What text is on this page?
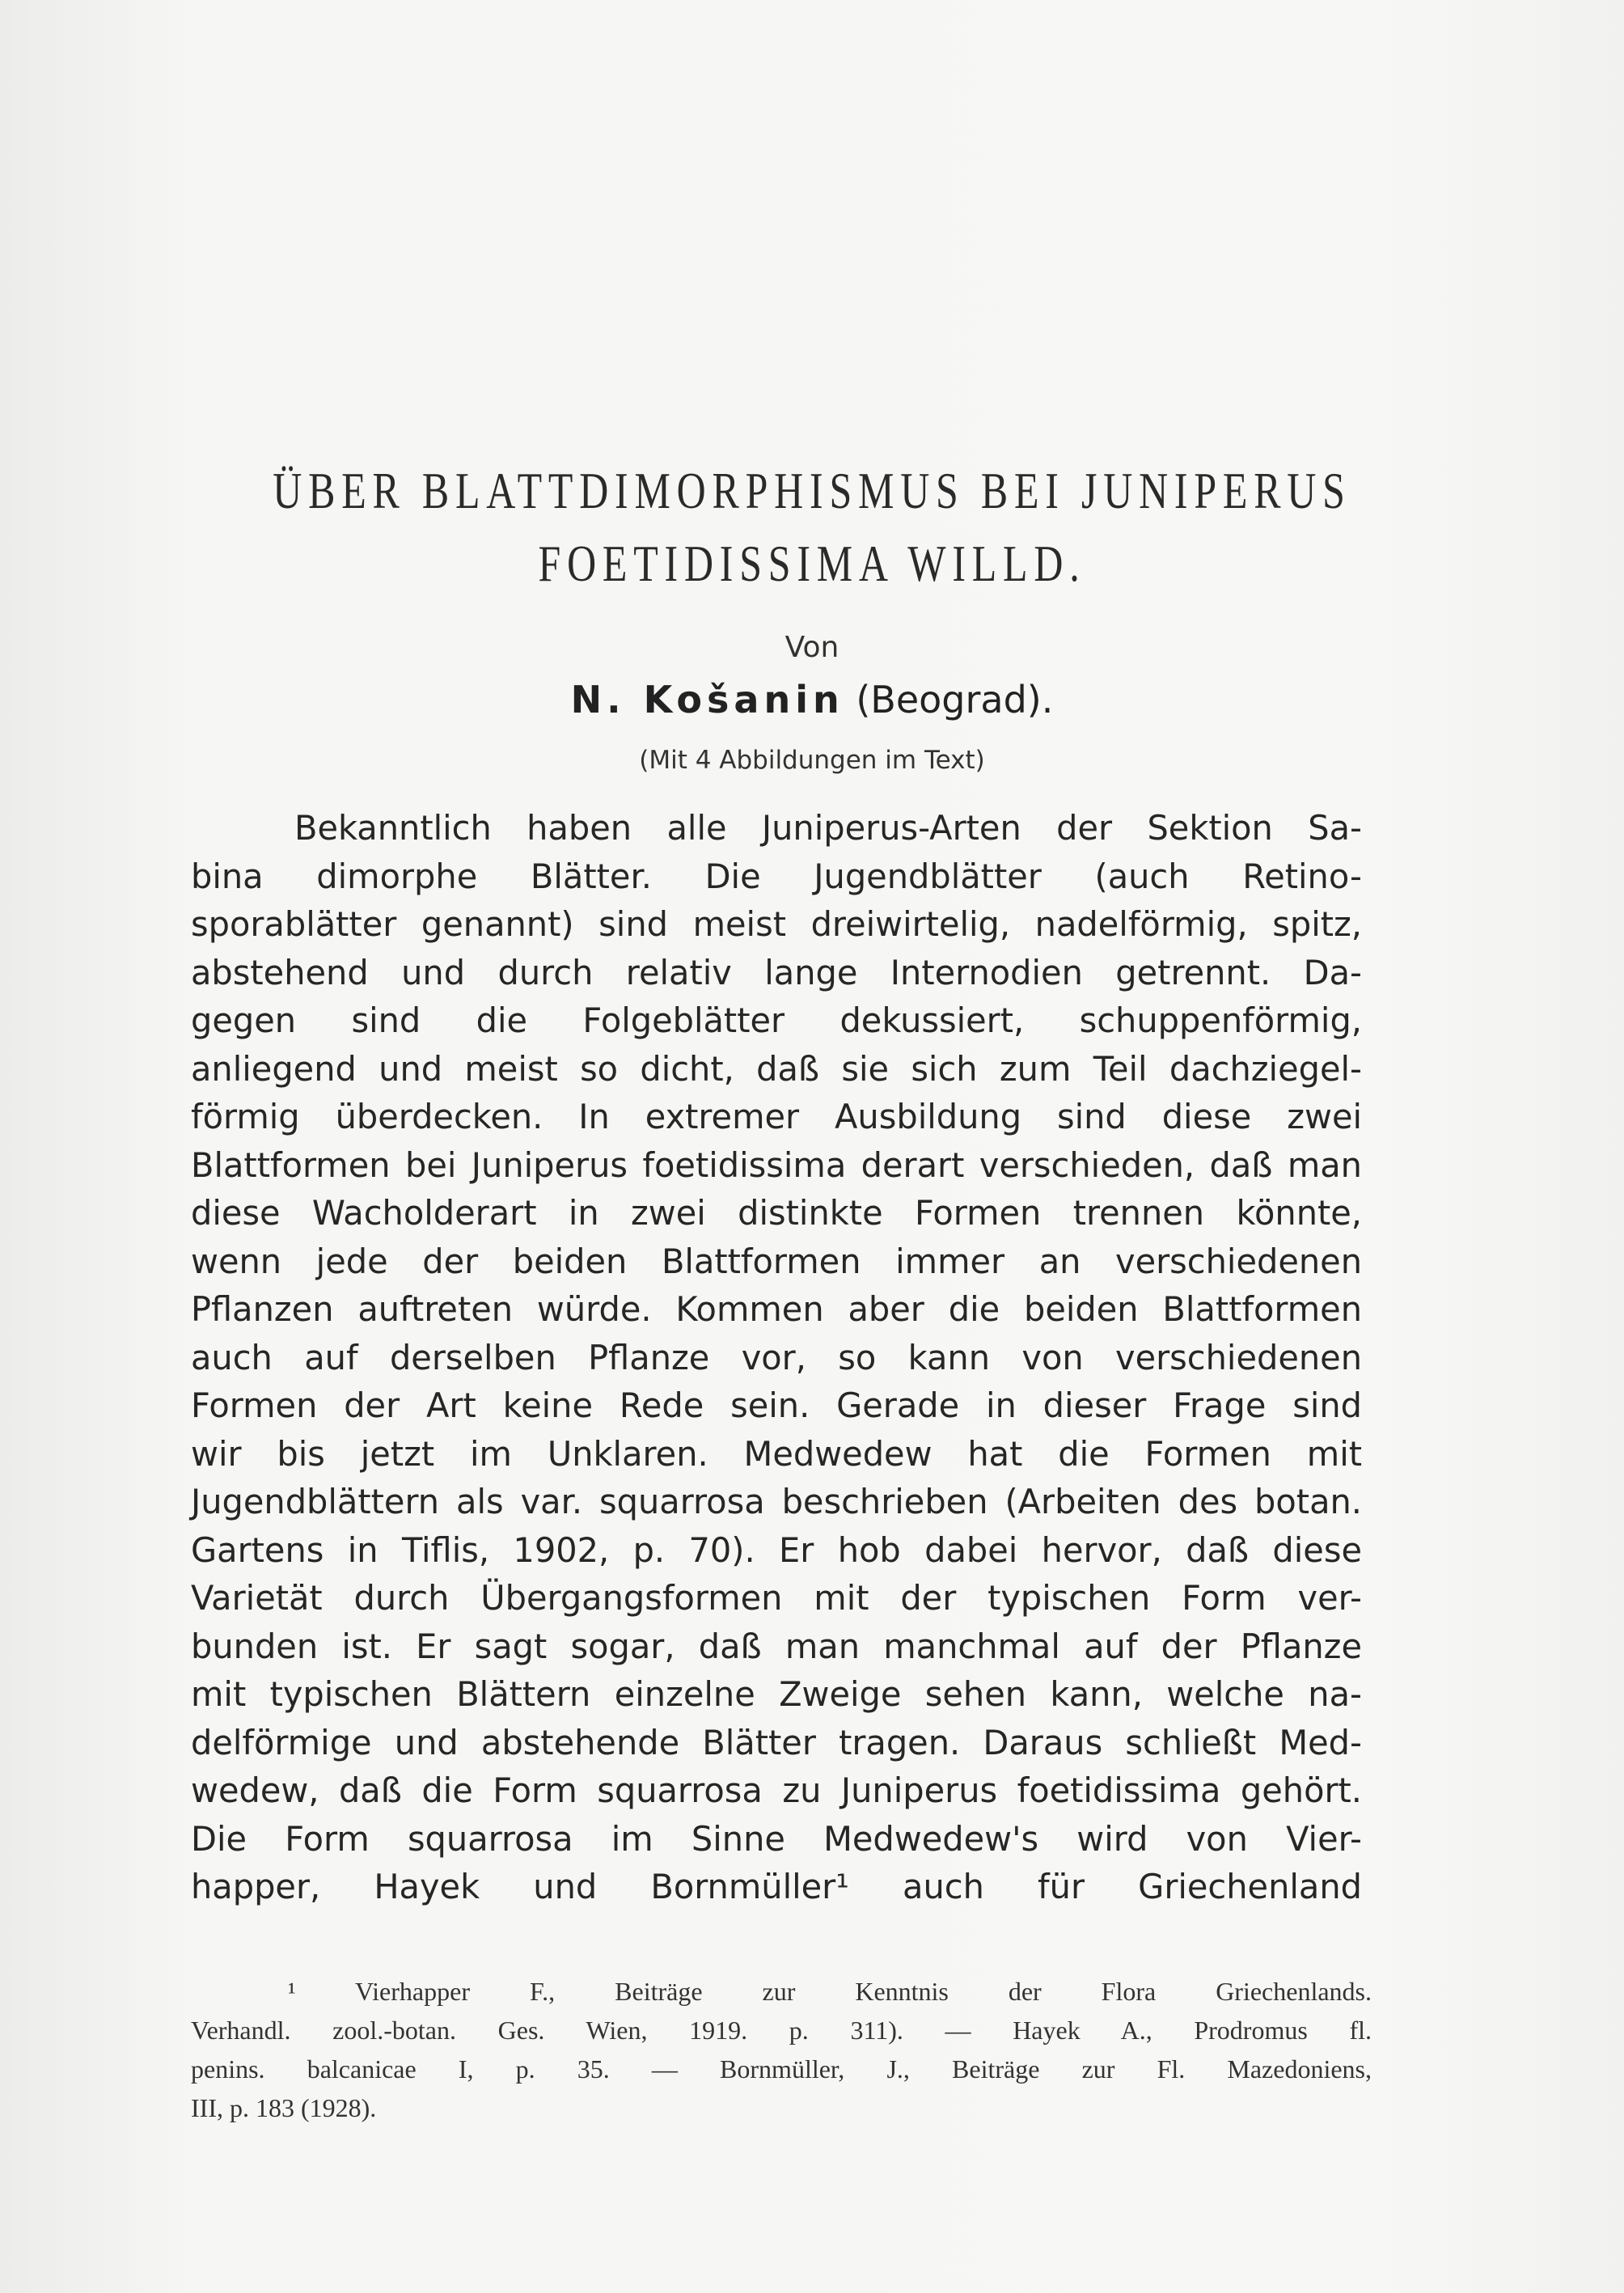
ÜBER BLATTDIMORPHISMUS BEI JUNIPERUS
FOETIDISSIMA WILLD.
Von
N. Košanin (Beograd).
(Mit 4 Abbildungen im Text)

Bekanntlich haben alle Juniperus-Arten der Sektion Sa-

bina dimorphe Blätter. Die Jugendblätter (auch Retino-

sporablätter genannt) sind meist dreiwirtelig, nadelförmig, spitz,

abstehend und durch relativ lange Internodien getrennt. Da-

gegen sind die Folgeblätter dekussiert, schuppenförmig,

anliegend und meist so dicht, daß sie sich zum Teil dachziegel-

förmig überdecken. In extremer Ausbildung sind diese zwei

Blattformen bei Juniperus foetidissima derart verschieden, daß man

diese Wacholderart in zwei distinkte Formen trennen könnte,

wenn jede der beiden Blattformen immer an verschiedenen

Pflanzen auftreten würde. Kommen aber die beiden Blattformen

auch auf derselben Pflanze vor, so kann von verschiedenen

Formen der Art keine Rede sein. Gerade in dieser Frage sind

wir bis jetzt im Unklaren. Medwedew hat die Formen mit

Jugendblättern als var. squarrosa beschrieben (Arbeiten des botan.

Gartens in Tiflis, 1902, p. 70). Er hob dabei hervor, daß diese

Varietät durch Übergangsformen mit der typischen Form ver-

bunden ist. Er sagt sogar, daß man manchmal auf der Pflanze

mit typischen Blättern einzelne Zweige sehen kann, welche na-

delförmige und abstehende Blätter tragen. Daraus schließt Med-

wedew, daß die Form squarrosa zu Juniperus foetidissima gehört.

Die Form squarrosa im Sinne Medwedew's wird von Vier-

happer, Hayek und Bornmüller¹ auch für Griechenland

¹ Vierhapper F., Beiträge zur Kenntnis der Flora Griechenlands.

Verhandl. zool.-botan. Ges. Wien, 1919. p. 311). — Hayek A., Prodromus fl.

penins. balcanicae I, p. 35. — Bornmüller, J., Beiträge zur Fl. Mazedoniens,

III, p. 183 (1928).
